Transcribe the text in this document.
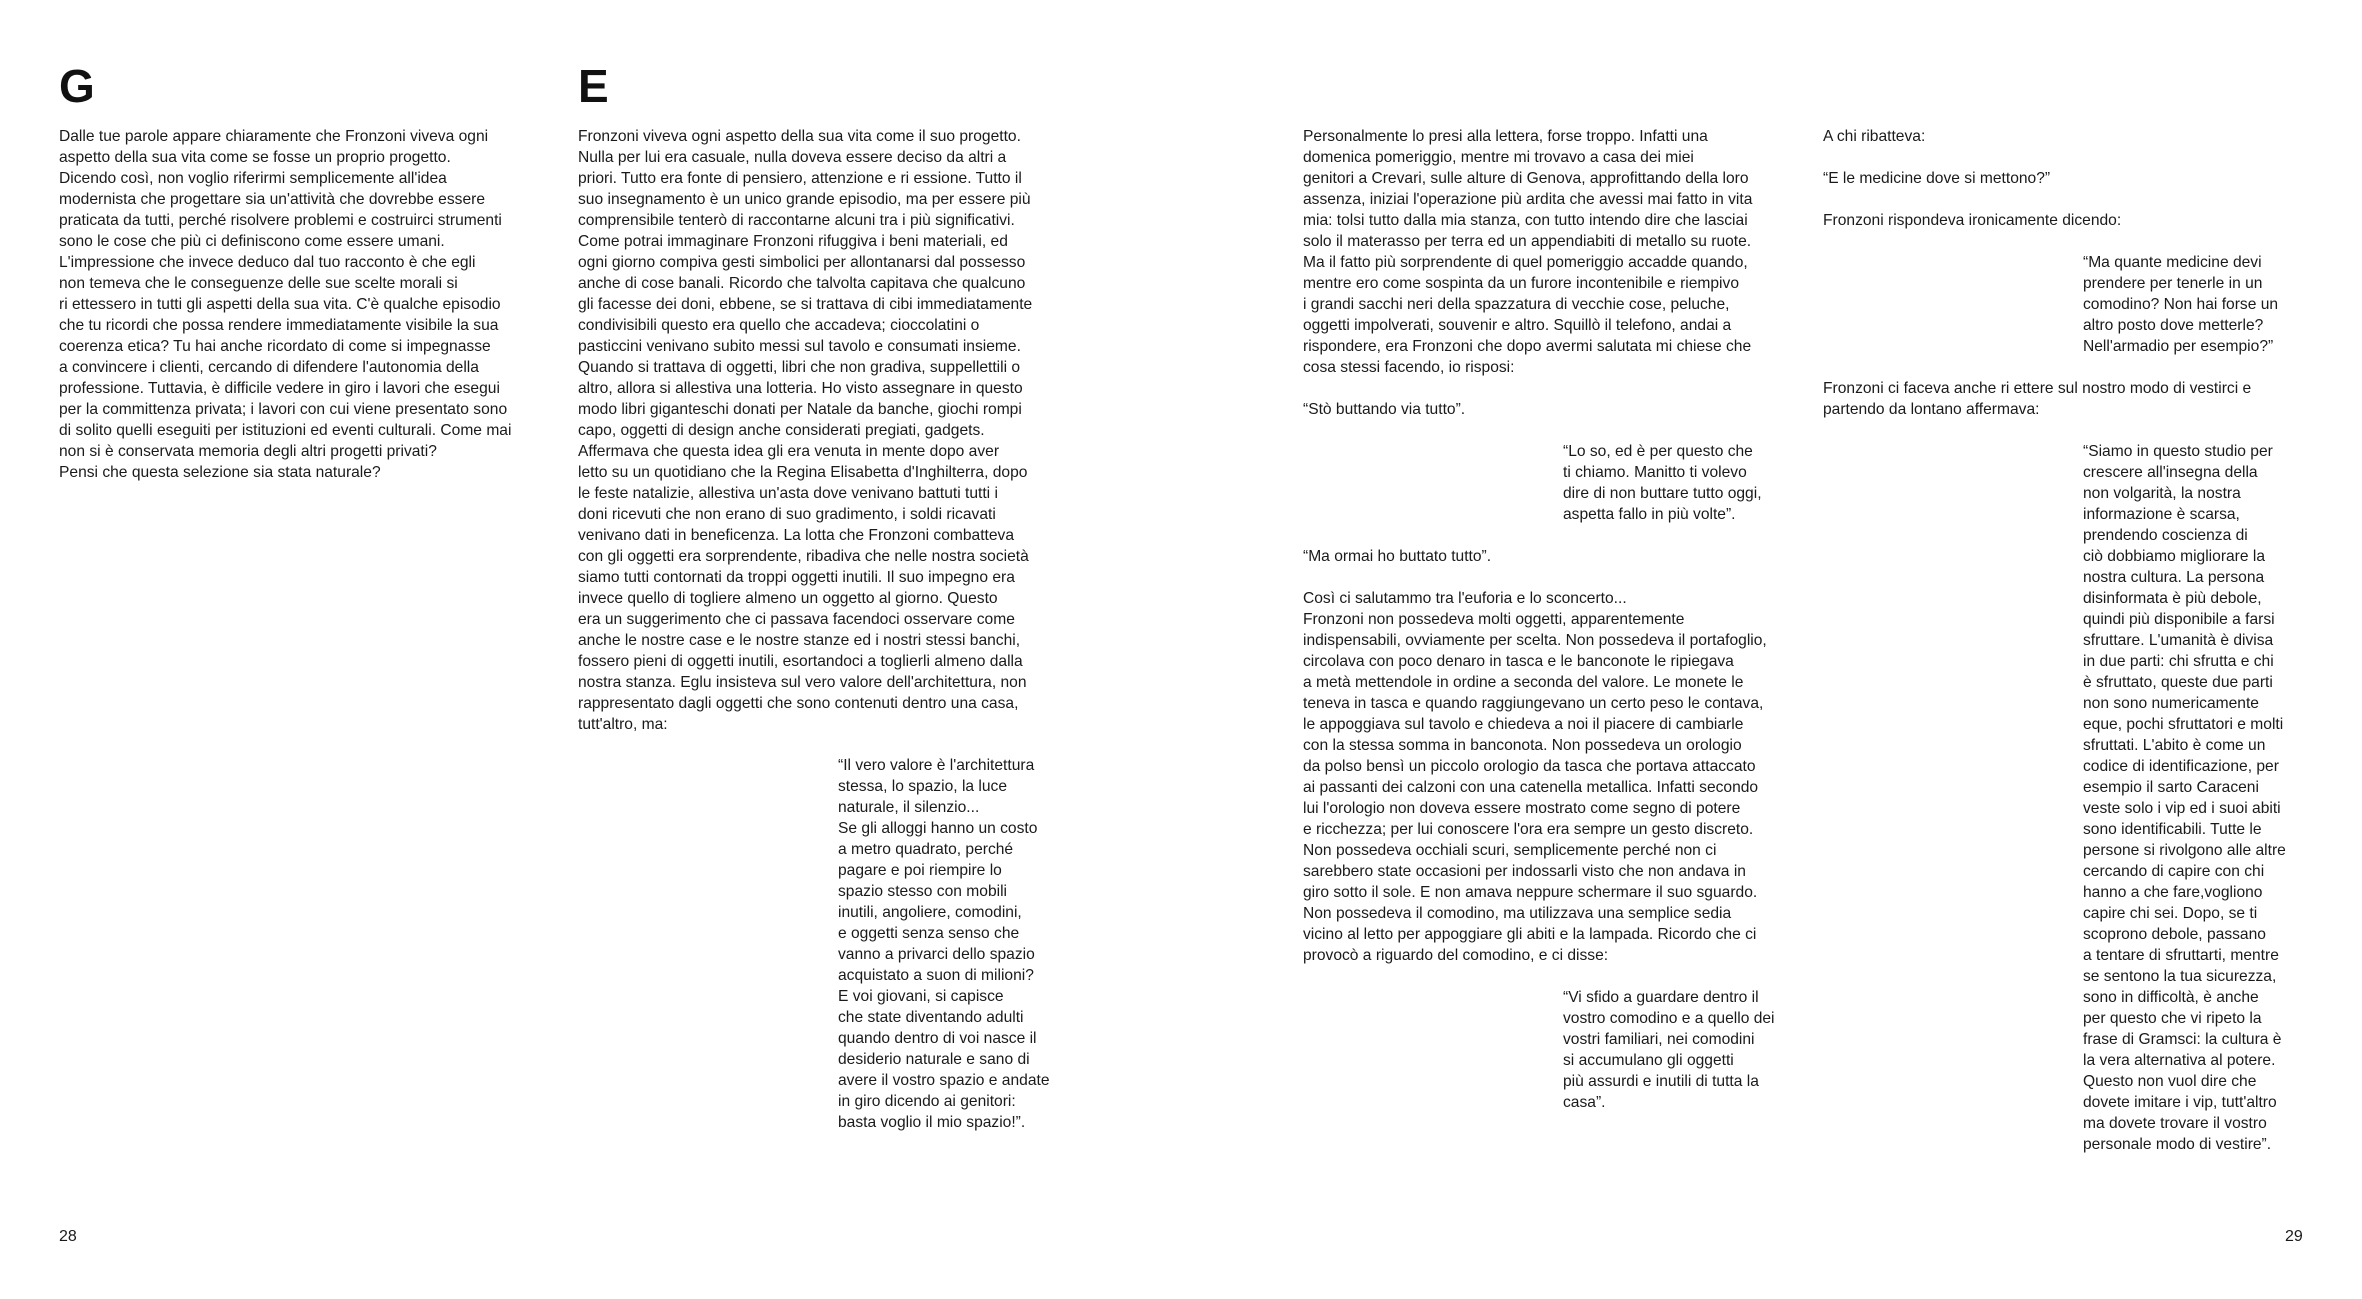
G	E

Dalle tue parole appare chiaramente che Fronzoni viveva ogni
aspetto della sua vita come se fosse un proprio progetto.
Dicendo così, non voglio riferirmi semplicemente all'idea
modernista che progettare sia un'attività che dovrebbe essere
praticata da tutti, perché risolvere problemi e costruirci strumenti
sono le cose che più ci definiscono come essere umani.
L'impressione che invece deduco dal tuo racconto è che egli
non temeva che le conseguenze delle sue scelte morali si
ri ettessero in tutti gli aspetti della sua vita. C'è qualche episodio
che tu ricordi che possa rendere immediatamente visibile la sua
coerenza etica? Tu hai anche ricordato di come si impegnasse
a convincere i clienti, cercando di difendere l'autonomia della
professione. Tuttavia, è difficile vedere in giro i lavori che esegui
per la committenza privata; i lavori con cui viene presentato sono
di solito quelli eseguiti per istituzioni ed eventi culturali. Come mai
non si è conservata memoria degli altri progetti privati?
Pensi che questa selezione sia stata naturale?

Fronzoni viveva ogni aspetto della sua vita come il suo progetto.
Nulla per lui era casuale, nulla doveva essere deciso da altri a
priori. Tutto era fonte di pensiero, attenzione e ri essione. Tutto il
suo insegnamento è un unico grande episodio, ma per essere più
comprensibile tenterò di raccontarne alcuni tra i più significativi.
Come potrai immaginare Fronzoni rifuggiva i beni materiali, ed
ogni giorno compiva gesti simbolici per allontanarsi dal possesso
anche di cose banali. Ricordo che talvolta capitava che qualcuno
gli facesse dei doni, ebbene, se si trattava di cibi immediatamente
condivisibili questo era quello che accadeva; cioccolatini o
pasticcini venivano subito messi sul tavolo e consumati insieme.
Quando si trattava di oggetti, libri che non gradiva, suppellettili o
altro, allora si allestiva una lotteria. Ho visto assegnare in questo
modo libri giganteschi donati per Natale da banche, giochi rompi
capo, oggetti di design anche considerati pregiati, gadgets.
Affermava che questa idea gli era venuta in mente dopo aver
letto su un quotidiano che la Regina Elisabetta d'Inghilterra, dopo
le feste natalizie, allestiva un'asta dove venivano battuti tutti i
doni ricevuti che non erano di suo gradimento, i soldi ricavati
venivano dati in beneficenza. La lotta che Fronzoni combatteva
con gli oggetti era sorprendente, ribadiva che nelle nostra società
siamo tutti contornati da troppi oggetti inutili. Il suo impegno era
invece quello di togliere almeno un oggetto al giorno. Questo
era un suggerimento che ci passava facendoci osservare come
anche le nostre case e le nostre stanze ed i nostri stessi banchi,
fossero pieni di oggetti inutili, esortandoci a toglierli almeno dalla
nostra stanza. Eglu insisteva sul vero valore dell'architettura, non
rappresentato dagli oggetti che sono contenuti dentro una casa,
tutt'altro, ma:

“Il vero valore è l'architettura
stessa, lo spazio, la luce
naturale, il silenzio...
Se gli alloggi hanno un costo
a metro quadrato, perché
pagare e poi riempire lo
spazio stesso con mobili
inutili, angoliere, comodini,
e oggetti senza senso che
vanno a privarci dello spazio
acquistato a suon di milioni?
E voi giovani, si capisce
che state diventando adulti
quando dentro di voi nasce il
desiderio naturale e sano di
avere il vostro spazio e andate
in giro dicendo ai genitori:
basta voglio il mio spazio!”.
28

Personalmente lo presi alla lettera, forse troppo. Infatti una
domenica pomeriggio, mentre mi trovavo a casa dei miei
genitori a Crevari, sulle alture di Genova, approfittando della loro
assenza, iniziai l'operazione più ardita che avessi mai fatto in vita
mia: tolsi tutto dalla mia stanza, con tutto intendo dire che lasciai
solo il materasso per terra ed un appendiabiti di metallo su ruote.
Ma il fatto più sorprendente di quel pomeriggio accadde quando,
mentre ero come sospinta da un furore incontenibile e riempivo
i grandi sacchi neri della spazzatura di vecchie cose, peluche,
oggetti impolverati, souvenir e altro. Squillò il telefono, andai a
rispondere, era Fronzoni che dopo avermi salutata mi chiese che
cosa stessi facendo, io risposi:

“Stò buttando via tutto”.

“Lo so, ed è per questo che
ti chiamo. Manitto ti volevo
dire di non buttare tutto oggi,
aspetta fallo in più volte”.

“Ma ormai ho buttato tutto”.

Così ci salutammo tra l'euforia e lo sconcerto...
Fronzoni non possedeva molti oggetti, apparentemente
indispensabili, ovviamente per scelta. Non possedeva il portafoglio,
circolava con poco denaro in tasca e le banconote le ripiegava
a metà mettendole in ordine a seconda del valore. Le monete le
teneva in tasca e quando raggiungevano un certo peso le contava,
le appoggiava sul tavolo e chiedeva a noi il piacere di cambiarle
con la stessa somma in banconota. Non possedeva un orologio
da polso bensì un piccolo orologio da tasca che portava attaccato
ai passanti dei calzoni con una catenella metallica. Infatti secondo
lui l'orologio non doveva essere mostrato come segno di potere
e ricchezza; per lui conoscere l'ora era sempre un gesto discreto.
Non possedeva occhiali scuri, semplicemente perché non ci
sarebbero state occasioni per indossarli visto che non andava in
giro sotto il sole. E non amava neppure schermare il suo sguardo.
Non possedeva il comodino, ma utilizzava una semplice sedia
vicino al letto per appoggiare gli abiti e la lampada. Ricordo che ci
provocò a riguardo del comodino, e ci disse:

“Vi sfido a guardare dentro il
vostro comodino e a quello dei
vostri familiari, nei comodini
si accumulano gli oggetti
più assurdi e inutili di tutta la
casa”.

A chi ribatteva:

“E le medicine dove si mettono?”

Fronzoni rispondeva ironicamente dicendo:

“Ma quante medicine devi
prendere per tenerle in un
comodino? Non hai forse un
altro posto dove metterle?
Nell'armadio per esempio?”

Fronzoni ci faceva anche ri ettere sul nostro modo di vestirci e
partendo da lontano affermava:

“Siamo in questo studio per
crescere all'insegna della
non volgarità, la nostra
informazione è scarsa,
prendendo coscienza di
ciò dobbiamo migliorare la
nostra cultura. La persona
disinformata è più debole,
quindi più disponibile a farsi
sfruttare. L'umanità è divisa
in due parti: chi sfrutta e chi
è sfruttato, queste due parti
non sono numericamente
eque, pochi sfruttatori e molti
sfruttati. L'abito è come un
codice di identificazione, per
esempio il sarto Caraceni
veste solo i vip ed i suoi abiti
sono identificabili. Tutte le
persone si rivolgono alle altre
cercando di capire con chi
hanno a che fare,vogliono
capire chi sei. Dopo, se ti
scoprono debole, passano
a tentare di sfruttarti, mentre
se sentono la tua sicurezza,
sono in difficoltà, è anche
per questo che vi ripeto la
frase di Gramsci: la cultura è
la vera alternativa al potere.
Questo non vuol dire che
dovete imitare i vip, tutt'altro
ma dovete trovare il vostro
personale modo di vestire”.
29
